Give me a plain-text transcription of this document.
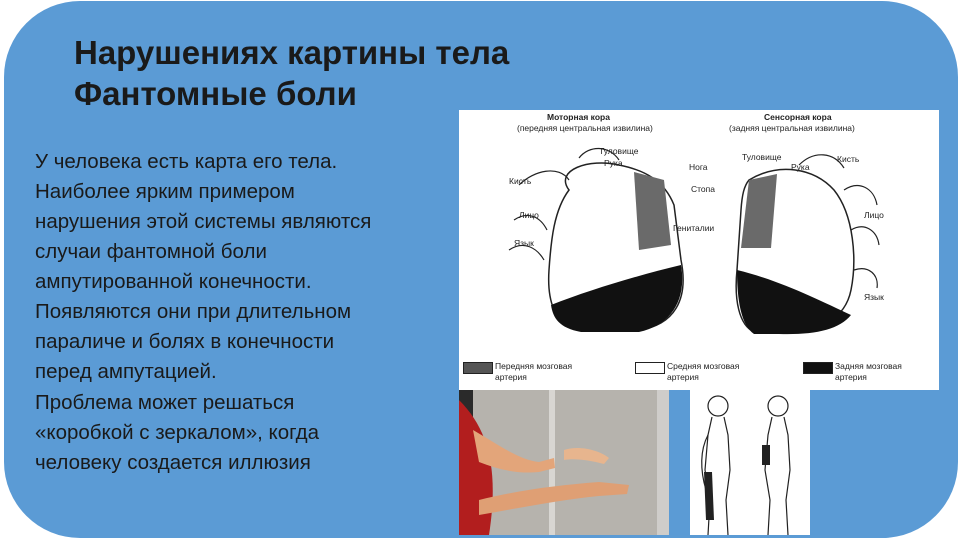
Нарушениях картины тела
Фантомные боли
У человека есть карта его тела.
Наиболее ярким примером
нарушения этой системы являются
случаи фантомной боли
ампутированной конечности.
Появляются они при длительном
параличе и болях в конечности
перед ампутацией.
Проблема может решаться
«коробкой с зеркалом», когда
человеку создается иллюзия
Моторная кора
(передняя центральная извилина)
Сенсорная кора
(задняя центральная извилина)
Туловище
Рука
Кисть
Лицо
Язык
Нога
Стопа
Гениталии
Туловище
Рука
Кисть
Лицо
Язык
Передняя мозговая
артерия
Средняя мозговая
артерия
Задняя мозговая
артерия
